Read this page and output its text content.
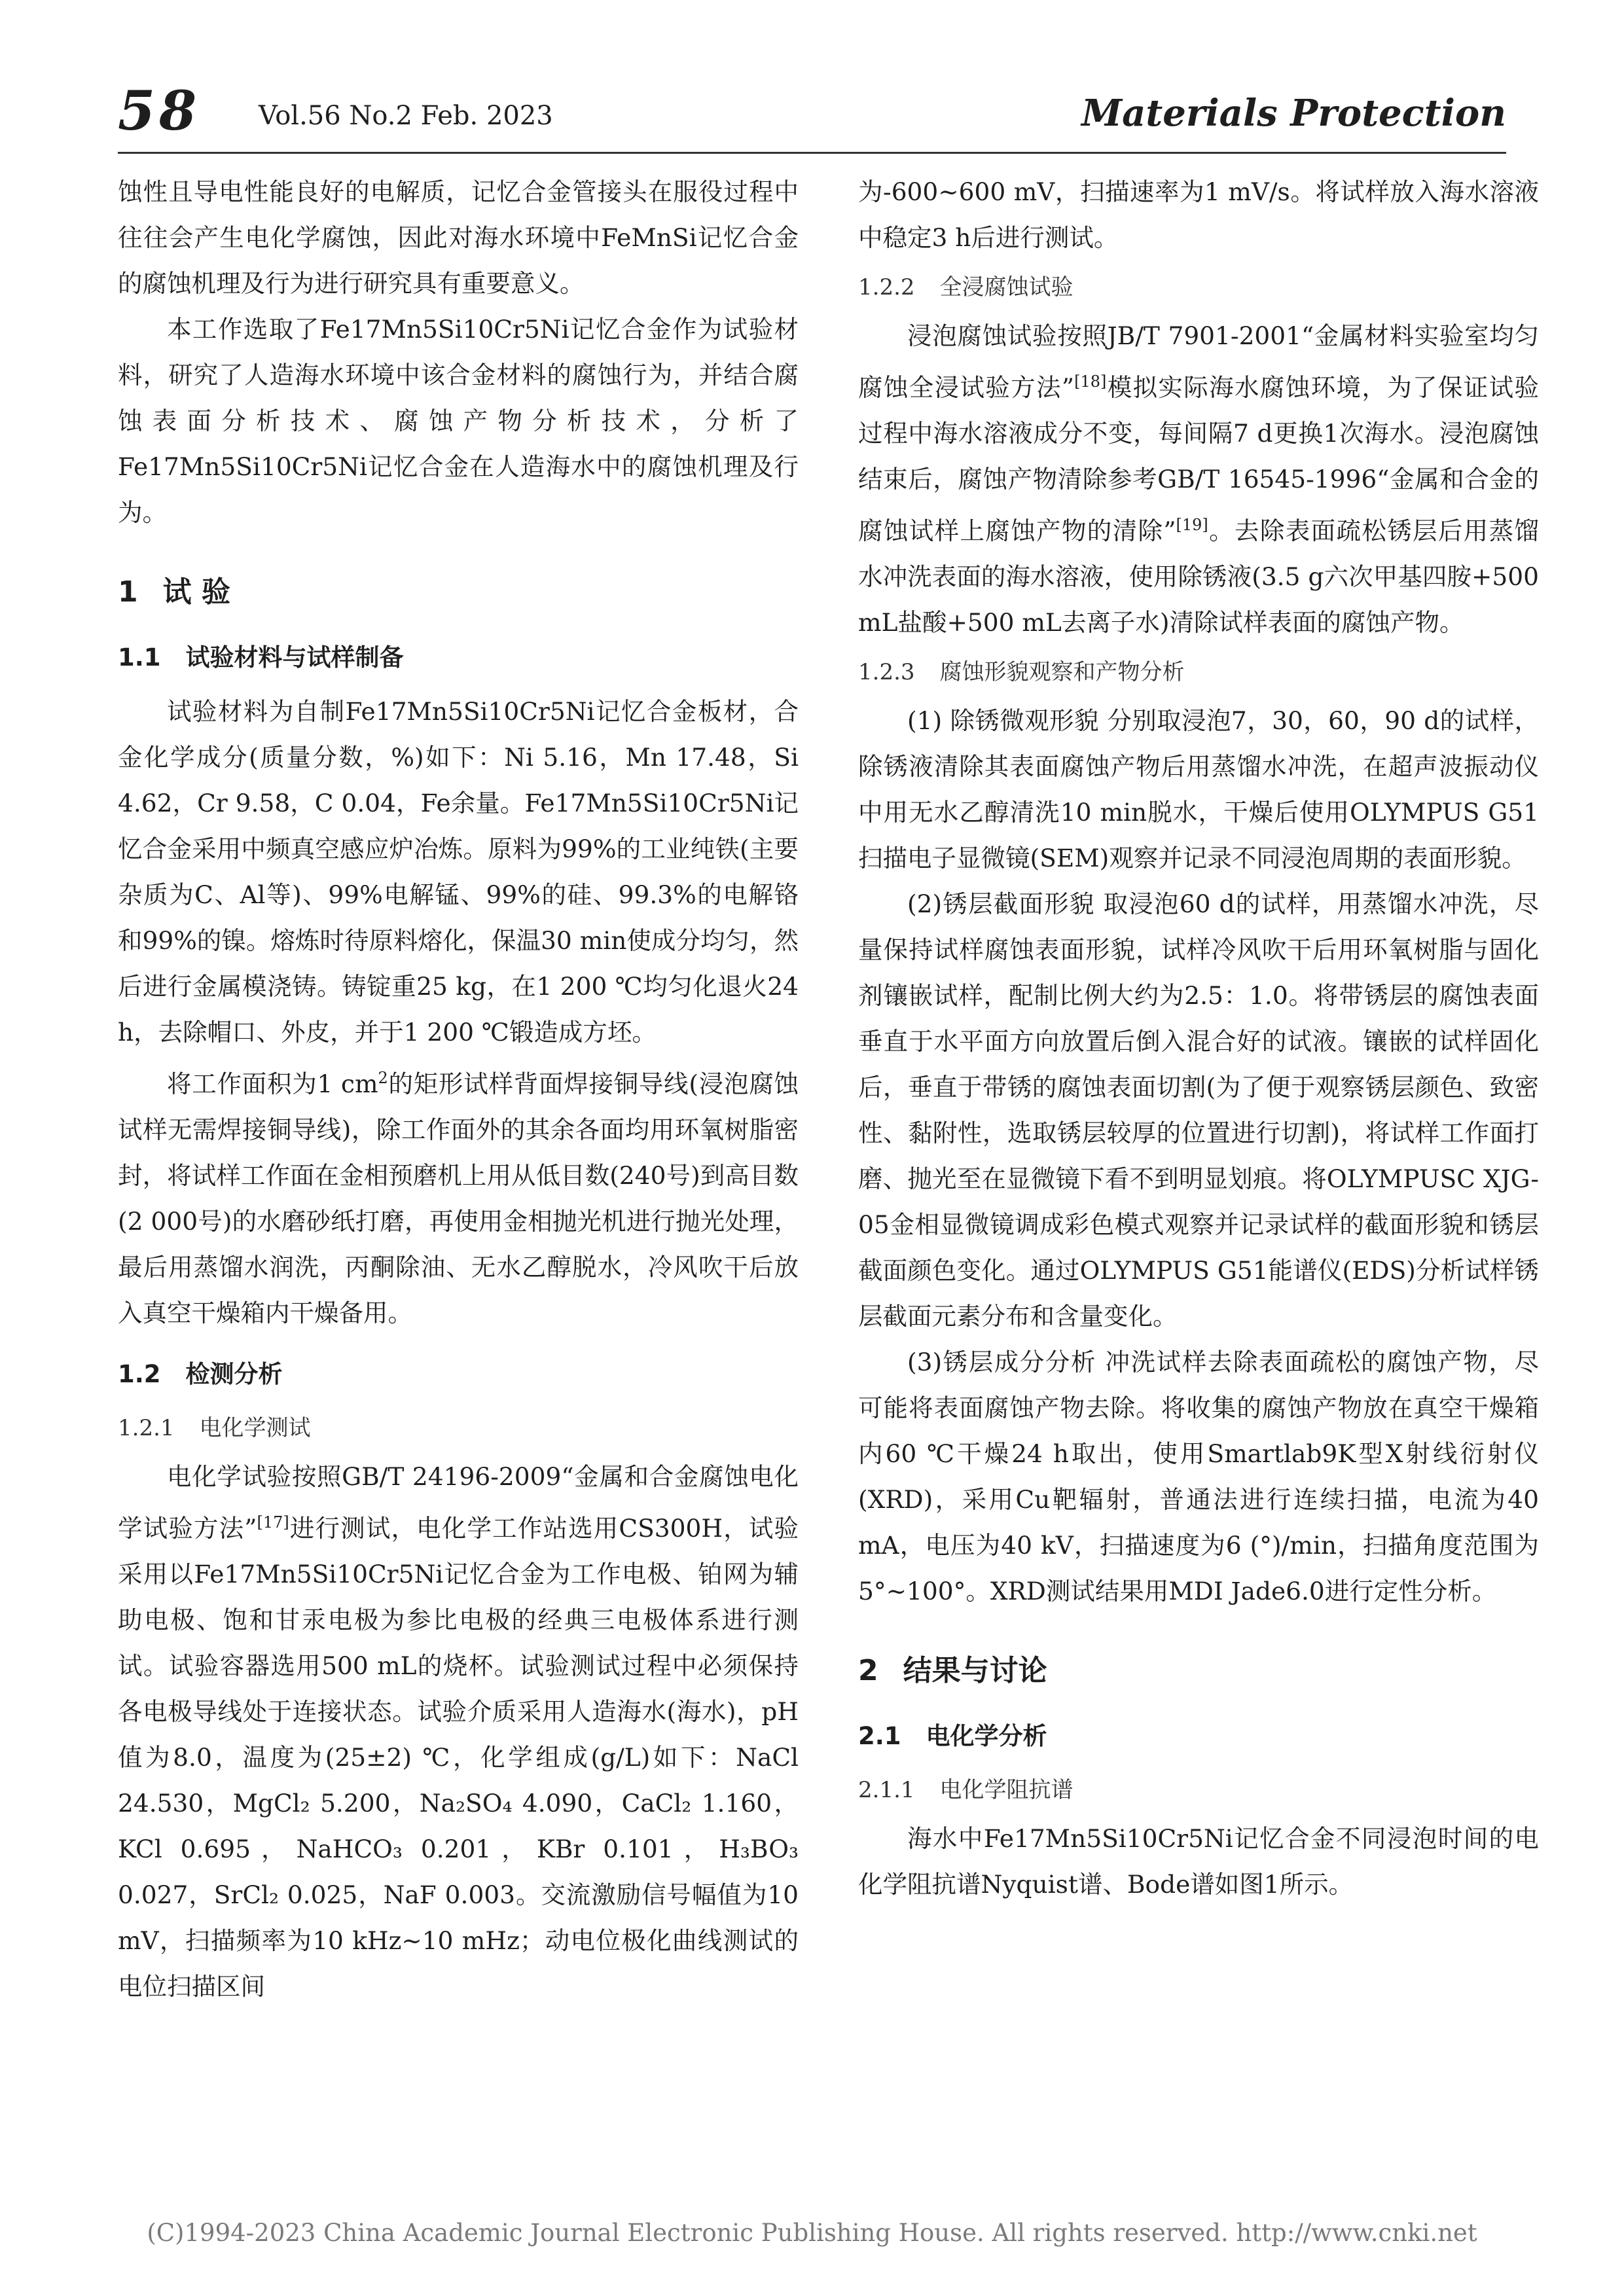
58 Vol.56 No.2 Feb. 2023	Materials Protection

蚀性且导电性能良好的电解质，记忆合金管接头在服役过程中往往会产生电化学腐蚀，因此对海水环境中FeMnSi记忆合金的腐蚀机理及行为进行研究具有重要意义。

本工作选取了Fe17Mn5Si10Cr5Ni记忆合金作为试验材料，研究了人造海水环境中该合金材料的腐蚀行为，并结合腐蚀表面分析技术、腐蚀产物分析技术，分析了Fe17Mn5Si10Cr5Ni记忆合金在人造海水中的腐蚀机理及行为。

1 试 验
1.1 试验材料与试样制备

试验材料为自制Fe17Mn5Si10Cr5Ni记忆合金板材，合金化学成分(质量分数，%)如下：Ni 5.16，Mn 17.48，Si 4.62，Cr 9.58，C 0.04，Fe余量。Fe17Mn5Si10Cr5Ni记忆合金采用中频真空感应炉冶炼。原料为99%的工业纯铁(主要杂质为C、Al等)、99%电解锰、99%的硅、99.3%的电解铬和99%的镍。熔炼时待原料熔化，保温30 min使成分均匀，然后进行金属模浇铸。铸锭重25 kg，在1 200 ℃均匀化退火24 h，去除帽口、外皮，并于1 200 ℃锻造成方坯。

将工作面积为1 $cm^2$的矩形试样背面焊接铜导线(浸泡腐蚀试样无需焊接铜导线)，除工作面外的其余各面均用环氧树脂密封，将试样工作面在金相预磨机上用从低目数(240号)到高目数(2 000号)的水磨砂纸打磨，再使用金相抛光机进行抛光处理，最后用蒸馏水润洗，丙酮除油、无水乙醇脱水，冷风吹干后放入真空干燥箱内干燥备用。

1.2 检测分析
1.2.1 电化学测试

电化学试验按照GB/T 24196-2009“金属和合金腐蚀电化学试验方法”[17]进行测试，电化学工作站选用CS300H，试验采用以Fe17Mn5Si10Cr5Ni记忆合金为工作电极、铂网为辅助电极、饱和甘汞电极为参比电极的经典三电极体系进行测试。试验容器选用500 mL的烧杯。试验测试过程中必须保持各电极导线处于连接状态。试验介质采用人造海水(海水)，pH值为8.0，温度为(25±2) ℃，化学组成(g/L)如下：NaCl 24.530，MgCl₂ 5.200，Na₂SO₄ 4.090，CaCl₂ 1.160，KCl 0.695，NaHCO₃ 0.201，KBr 0.101，H₃BO₃ 0.027，SrCl₂ 0.025，NaF 0.003。交流激励信号幅值为10 mV，扫描频率为10 kHz~10 mHz；动电位极化曲线测试的电位扫描区间

为-600~600 mV，扫描速率为1 mV/s。将试样放入海水溶液中稳定3 h后进行测试。

1.2.2 全浸腐蚀试验

浸泡腐蚀试验按照JB/T 7901-2001“金属材料实验室均匀腐蚀全浸试验方法”[18]模拟实际海水腐蚀环境，为了保证试验过程中海水溶液成分不变，每间隔7 d更换1次海水。浸泡腐蚀结束后，腐蚀产物清除参考GB/T 16545-1996“金属和合金的腐蚀试样上腐蚀产物的清除”[19]。去除表面疏松锈层后用蒸馏水冲洗表面的海水溶液，使用除锈液(3.5 g六次甲基四胺+500 mL盐酸+500 mL去离子水)清除试样表面的腐蚀产物。

1.2.3 腐蚀形貌观察和产物分析

(1) 除锈微观形貌 分别取浸泡7，30，60，90 d的试样，除锈液清除其表面腐蚀产物后用蒸馏水冲洗，在超声波振动仪中用无水乙醇清洗10 min脱水，干燥后使用OLYMPUS G51扫描电子显微镜(SEM)观察并记录不同浸泡周期的表面形貌。

(2)锈层截面形貌 取浸泡60 d的试样，用蒸馏水冲洗，尽量保持试样腐蚀表面形貌，试样冷风吹干后用环氧树脂与固化剂镶嵌试样，配制比例大约为2.5：1.0。将带锈层的腐蚀表面垂直于水平面方向放置后倒入混合好的试液。镶嵌的试样固化后，垂直于带锈的腐蚀表面切割(为了便于观察锈层颜色、致密性、黏附性，选取锈层较厚的位置进行切割)，将试样工作面打磨、抛光至在显微镜下看不到明显划痕。将OLYMPUSC XJG-05金相显微镜调成彩色模式观察并记录试样的截面形貌和锈层截面颜色变化。通过OLYMPUS G51能谱仪(EDS)分析试样锈层截面元素分布和含量变化。

(3)锈层成分分析 冲洗试样去除表面疏松的腐蚀产物，尽可能将表面腐蚀产物去除。将收集的腐蚀产物放在真空干燥箱内60 ℃干燥24 h取出，使用Smartlab9K型X射线衍射仪(XRD)，采用Cu靶辐射，普通法进行连续扫描，电流为40 mA，电压为40 kV，扫描速度为6 (°)/min，扫描角度范围为5°~100°。XRD测试结果用MDI Jade6.0进行定性分析。

2 结果与讨论
2.1 电化学分析
2.1.1 电化学阻抗谱

海水中Fe17Mn5Si10Cr5Ni记忆合金不同浸泡时间的电化学阻抗谱Nyquist谱、Bode谱如图1所示。

(C)1994-2023 China Academic Journal Electronic Publishing House. All rights reserved. http://www.cnki.net
